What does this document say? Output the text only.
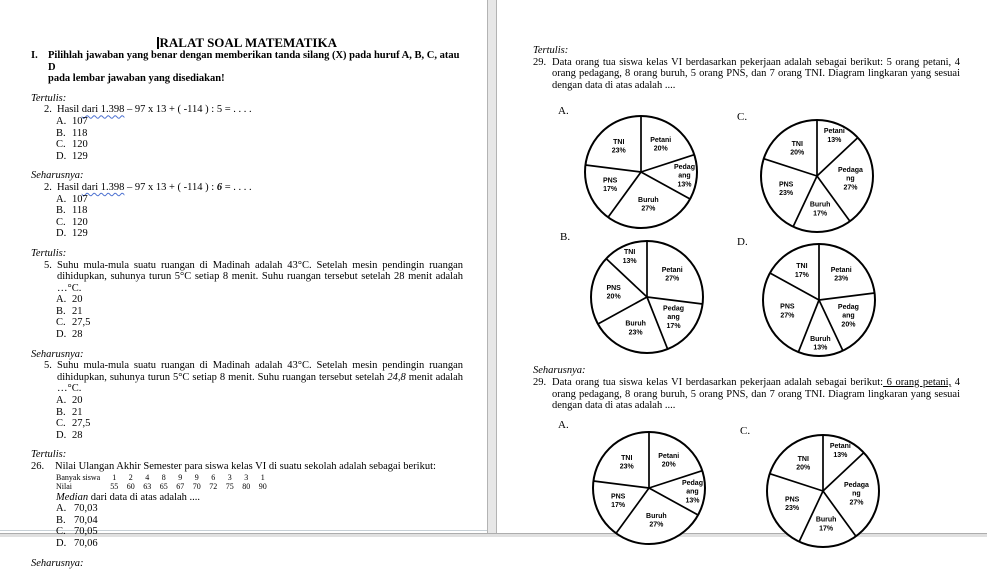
RALAT SOAL MATEMATIKA
I. Pilihlah jawaban yang benar dengan memberikan tanda silang (X) pada huruf A, B, C, atau D
pada lembar jawaban yang disediakan!
Tertulis:
2. Hasil dari 1.398 – 97 x 13 + ( -114 ) : 5 = . . . .
A. 107
B. 118
C. 120
D. 129
Seharusnya:
2. Hasil dari 1.398 – 97 x 13 + ( -114 ) : 6 = . . . .
A. 107
B. 118
C. 120
D. 129
Tertulis:
5. Suhu mula-mula suatu ruangan di Madinah adalah 43°C. Setelah mesin pendingin ruangan dihidupkan, suhunya turun 5°C setiap 8 menit. Suhu ruangan tersebut setelah 28 menit adalah …°C.
A. 20
B. 21
C. 27,5
D. 28
Seharusnya:
5. Suhu mula-mula suatu ruangan di Madinah adalah 43°C. Setelah mesin pendingin ruangan dihidupkan, suhunya turun 5°C setiap 8 menit. Suhu ruangan tersebut setelah 24,8 menit adalah …°C.
A. 20
B. 21
C. 27,5
D. 28
Tertulis:
26. Nilai Ulangan Akhir Semester para siswa kelas VI di suatu sekolah adalah sebagai berikut:
Banyak siswa 1 2 4 8 9 9 6 3 3 1
Nilai	55 60 63 65 67 70 72 75 80 90
Median dari data di atas adalah ....
A. 70,03
B. 70,04
C. 70,05
D. 70,06
Seharusnya:
Tertulis:
29. Data orang tua siswa kelas VI berdasarkan pekerjaan adalah sebagai berikut: 5 orang petani, 4 orang pedagang, 8 orang buruh, 5 orang PNS, dan 7 orang TNI. Diagram lingkaran yang sesuai dengan data di atas adalah ....
Seharusnya:
29. Data orang tua siswa kelas VI berdasarkan pekerjaan adalah sebagai berikut: 6 orang petani, 4 orang pedagang, 8 orang buruh, 5 orang PNS, dan 7 orang TNI. Diagram lingkaran yang sesuai dengan data di atas adalah ....
A.
Petani
20%
Pedag
ang
13%
Buruh
27%
PNS
17%
TNI
23%
C.
Petani
13%
Pedaga
ng
27%
Buruh
17%
PNS
23%
TNI
20%
B.
Petani
27%
Pedag
ang
17%
Buruh
23%
PNS
20%
TNI
13%
D.
Petani
23%
Pedag
ang
20%
Buruh
13%
PNS
27%
TNI
17%
A.
Petani
20%
Pedag
ang
13%
Buruh
27%
PNS
17%
TNI
23%
C.
Petani
13%
Pedaga
ng
27%
Buruh
17%
PNS
23%
TNI
20%
